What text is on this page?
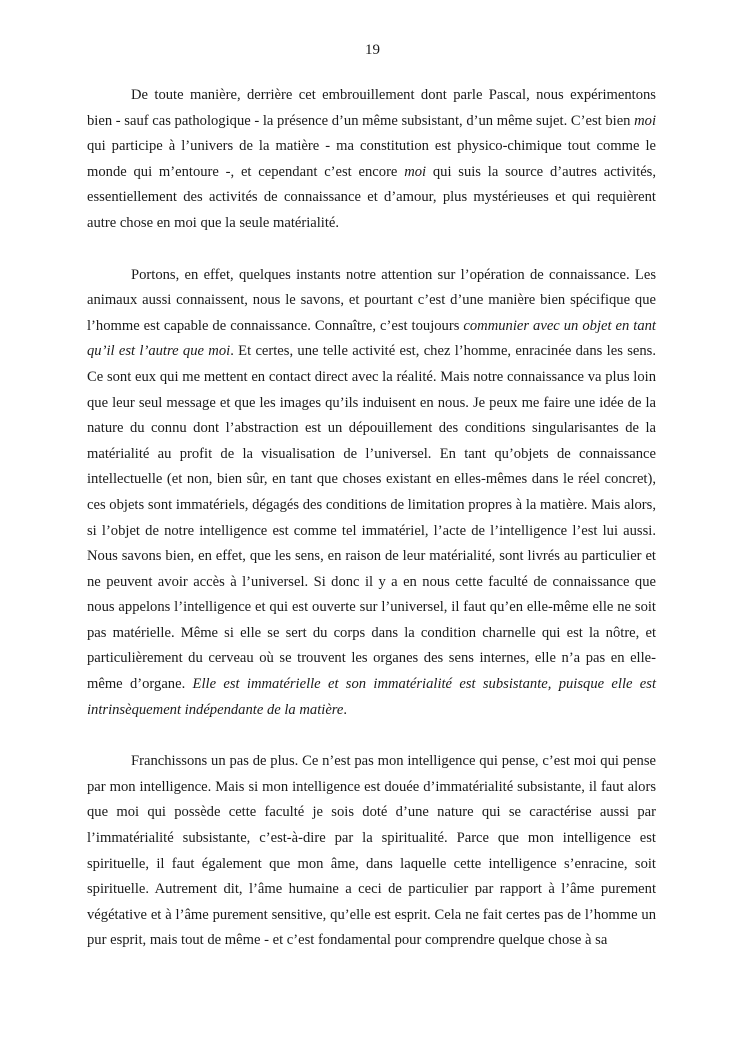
19

De toute manière, derrière cet embrouillement dont parle Pascal, nous expérimentons bien - sauf cas pathologique - la présence d’un même subsistant, d’un même sujet. C’est bien moi qui participe à l’univers de la matière - ma constitution est physico-chimique tout comme le monde qui m’entoure -, et cependant c’est encore moi qui suis la source d’autres activités, essentiellement des activités de connaissance et d’amour, plus mystérieuses et qui requièrent autre chose en moi que la seule matérialité.

Portons, en effet, quelques instants notre attention sur l’opération de connaissance. Les animaux aussi connaissent, nous le savons, et pourtant c’est d’une manière bien spécifique que l’homme est capable de connaissance. Connaître, c’est toujours communier avec un objet en tant qu’il est l’autre que moi. Et certes, une telle activité est, chez l’homme, enracinée dans les sens. Ce sont eux qui me mettent en contact direct avec la réalité. Mais notre connaissance va plus loin que leur seul message et que les images qu’ils induisent en nous. Je peux me faire une idée de la nature du connu dont l’abstraction est un dépouillement des conditions singularisantes de la matérialité au profit de la visualisation de l’universel. En tant qu’objets de connaissance intellectuelle (et non, bien sûr, en tant que choses existant en elles-mêmes dans le réel concret), ces objets sont immatériels, dégagés des conditions de limitation propres à la matière. Mais alors, si l’objet de notre intelligence est comme tel immatériel, l’acte de l’intelligence l’est lui aussi. Nous savons bien, en effet, que les sens, en raison de leur matérialité, sont livrés au particulier et ne peuvent avoir accès à l’universel. Si donc il y a en nous cette faculté de connaissance que nous appelons l’intelligence et qui est ouverte sur l’universel, il faut qu’en elle-même elle ne soit pas matérielle. Même si elle se sert du corps dans la condition charnelle qui est la nôtre, et particulièrement du cerveau où se trouvent les organes des sens internes, elle n’a pas en elle-même d’organe. Elle est immatérielle et son immatérialité est subsistante, puisque elle est intrinsèquement indépendante de la matière.

Franchissons un pas de plus. Ce n’est pas mon intelligence qui pense, c’est moi qui pense par mon intelligence. Mais si mon intelligence est douée d’immatérialité subsistante, il faut alors que moi qui possède cette faculté je sois doté d’une nature qui se caractérise aussi par l’immatérialité subsistante, c’est-à-dire par la spiritualité. Parce que mon intelligence est spirituelle, il faut également que mon âme, dans laquelle cette intelligence s’enracine, soit spirituelle. Autrement dit, l’âme humaine a ceci de particulier par rapport à l’âme purement végétative et à l’âme purement sensitive, qu’elle est esprit. Cela ne fait certes pas de l’homme un pur esprit, mais tout de même - et c’est fondamental pour comprendre quelque chose à sa
